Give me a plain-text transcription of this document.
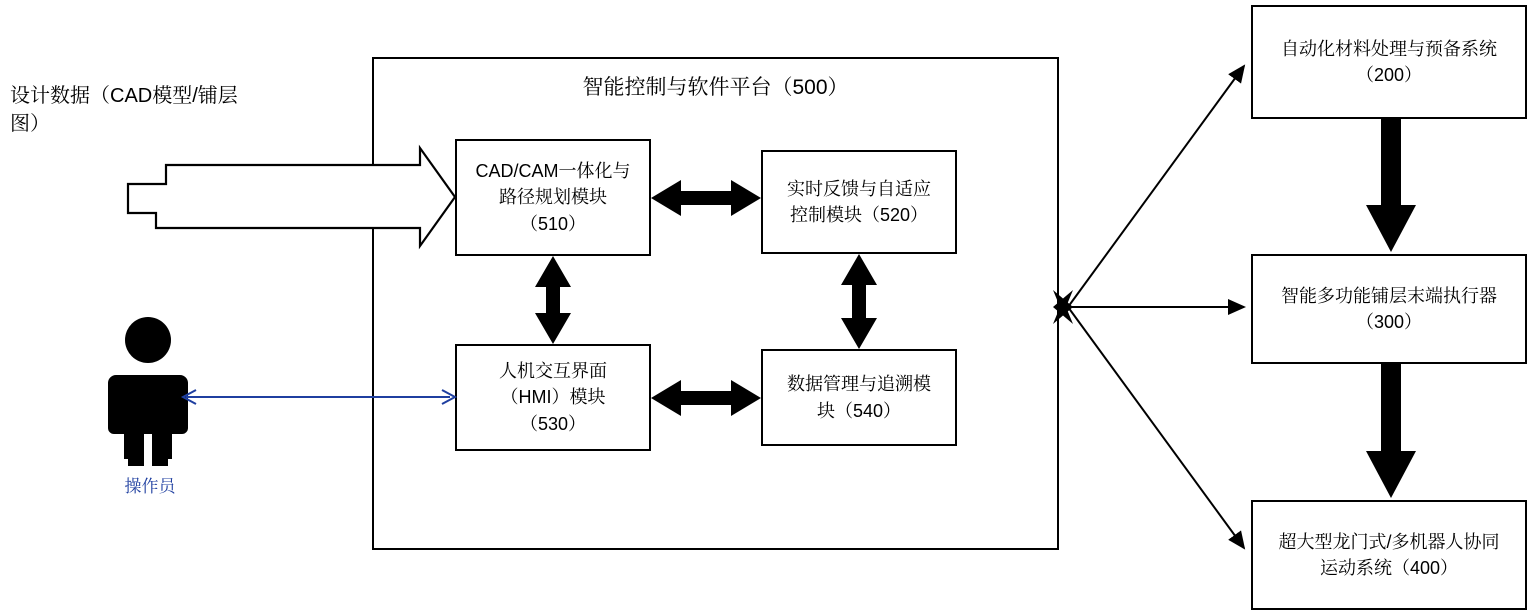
设计数据（CAD模型/铺层
图）
操作员
智能控制与软件平台（500）
CAD/CAM一体化与
路径规划模块
（510）
实时反馈与自适应
控制模块（520）
人机交互界面
（HMI）模块
（530）
数据管理与追溯模
块（540）
自动化材料处理与预备系统
（200）
智能多功能铺层末端执行器
（300）
超大型龙门式/多机器人协同
运动系统（400）
